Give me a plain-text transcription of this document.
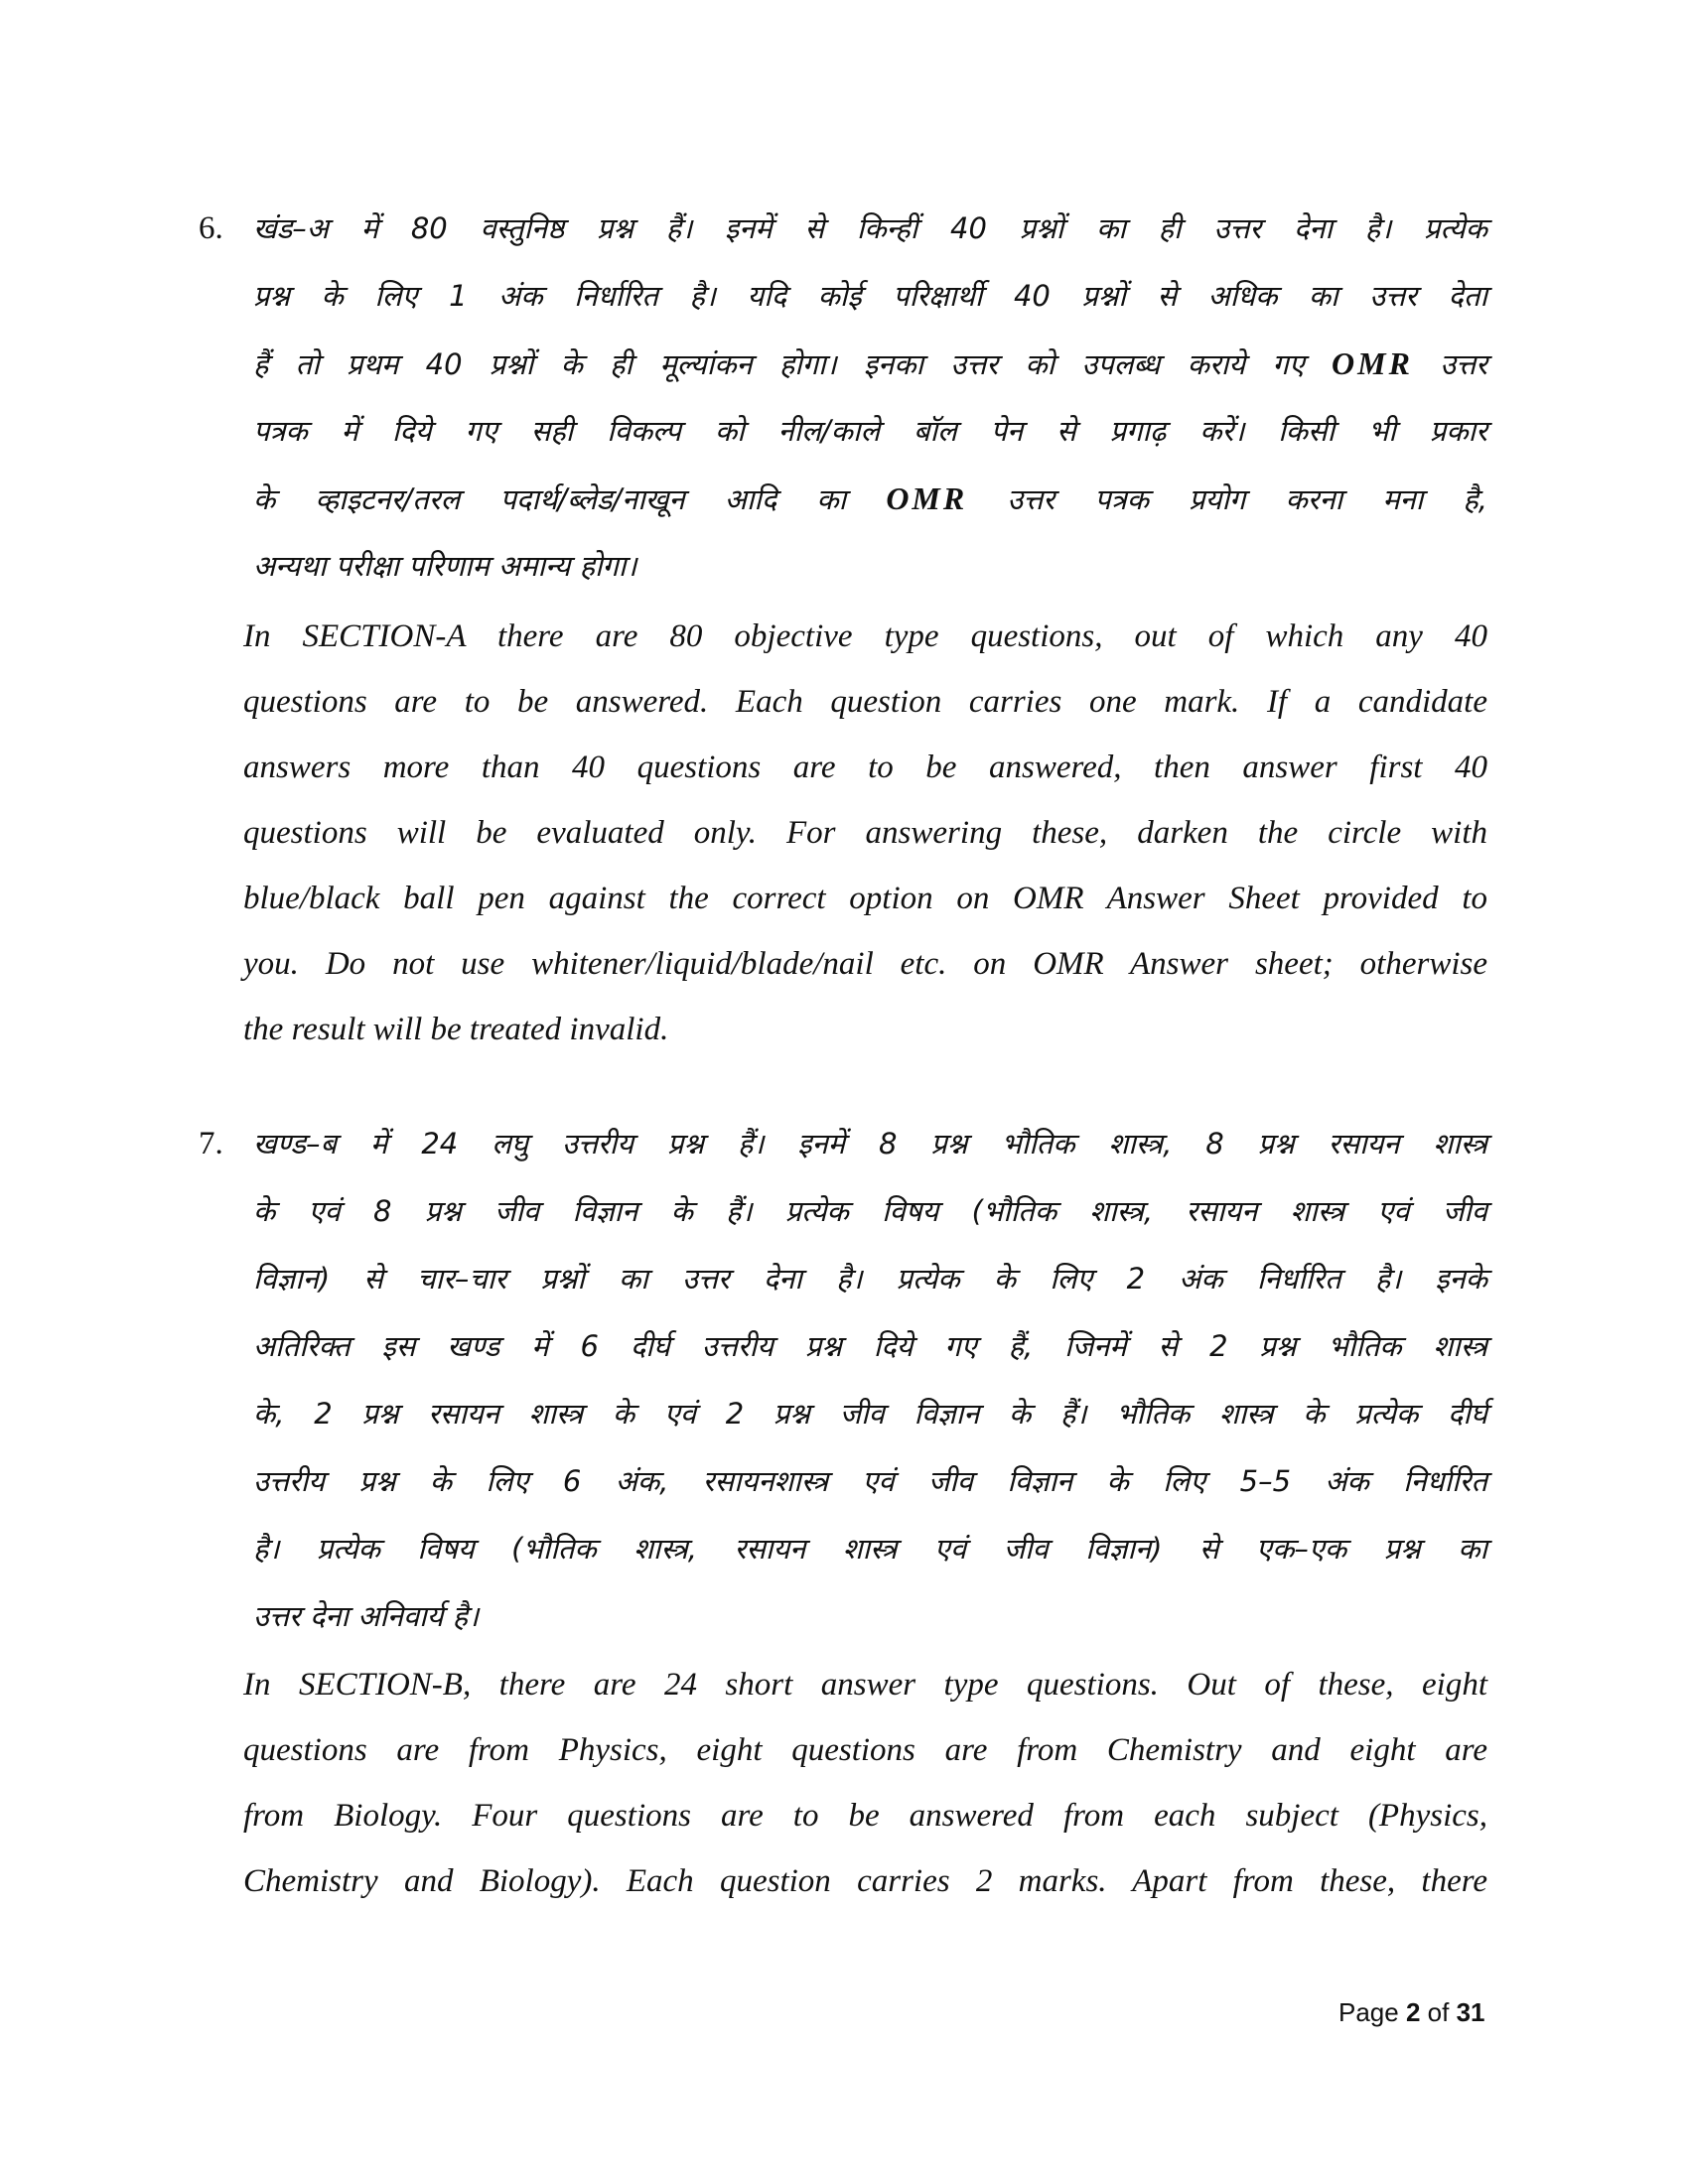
6. खंड–अ में 80 वस्तुनिष्ठ प्रश्न हैं। इनमें से किन्हीं 40 प्रश्नों का ही उत्तर देना है। प्रत्येक
प्रश्न के लिए 1 अंक निर्धारित है। यदि कोई परिक्षार्थी 40 प्रश्नों से अधिक का उत्तर देता
हैं तो प्रथम 40 प्रश्नों के ही मूल्यांकन होगा। इनका उत्तर को उपलब्ध कराये गए OMR उत्तर
पत्रक में दिये गए सही विकल्प को नील/काले बॉल पेन से प्रगाढ़ करें। किसी भी प्रकार
के व्हाइटनर/तरल पदार्थ/ब्लेड/नाखून आदि का OMR उत्तर पत्रक प्रयोग करना मना है,
अन्यथा परीक्षा परिणाम अमान्य होगा।
In SECTION-A there are 80 objective type questions, out of which any 40
questions are to be answered. Each question carries one mark. If a candidate
answers more than 40 questions are to be answered, then answer first 40
questions will be evaluated only. For answering these, darken the circle with
blue/black ball pen against the correct option on OMR Answer Sheet provided to
you. Do not use whitener/liquid/blade/nail etc. on OMR Answer sheet; otherwise
the result will be treated invalid.
7. खण्ड–ब में 24 लघु उत्तरीय प्रश्न हैं। इनमें 8 प्रश्न भौतिक शास्त्र, 8 प्रश्न रसायन शास्त्र
के एवं 8 प्रश्न जीव विज्ञान के हैं। प्रत्येक विषय (भौतिक शास्त्र, रसायन शास्त्र एवं जीव
विज्ञान) से चार–चार प्रश्नों का उत्तर देना है। प्रत्येक के लिए 2 अंक निर्धारित है। इनके
अतिरिक्त इस खण्ड में 6 दीर्घ उत्तरीय प्रश्न दिये गए हैं, जिनमें से 2 प्रश्न भौतिक शास्त्र
के, 2 प्रश्न रसायन शास्त्र के एवं 2 प्रश्न जीव विज्ञान के हैं। भौतिक शास्त्र के प्रत्येक दीर्घ
उत्तरीय प्रश्न के लिए 6 अंक, रसायनशास्त्र एवं जीव विज्ञान के लिए 5–5 अंक निर्धारित
है। प्रत्येक विषय (भौतिक शास्त्र, रसायन शास्त्र एवं जीव विज्ञान) से एक–एक प्रश्न का
उत्तर देना अनिवार्य है।
In SECTION-B, there are 24 short answer type questions. Out of these, eight
questions are from Physics, eight questions are from Chemistry and eight are
from Biology. Four questions are to be answered from each subject (Physics,
Chemistry and Biology). Each question carries 2 marks. Apart from these, there
Page 2 of 31
